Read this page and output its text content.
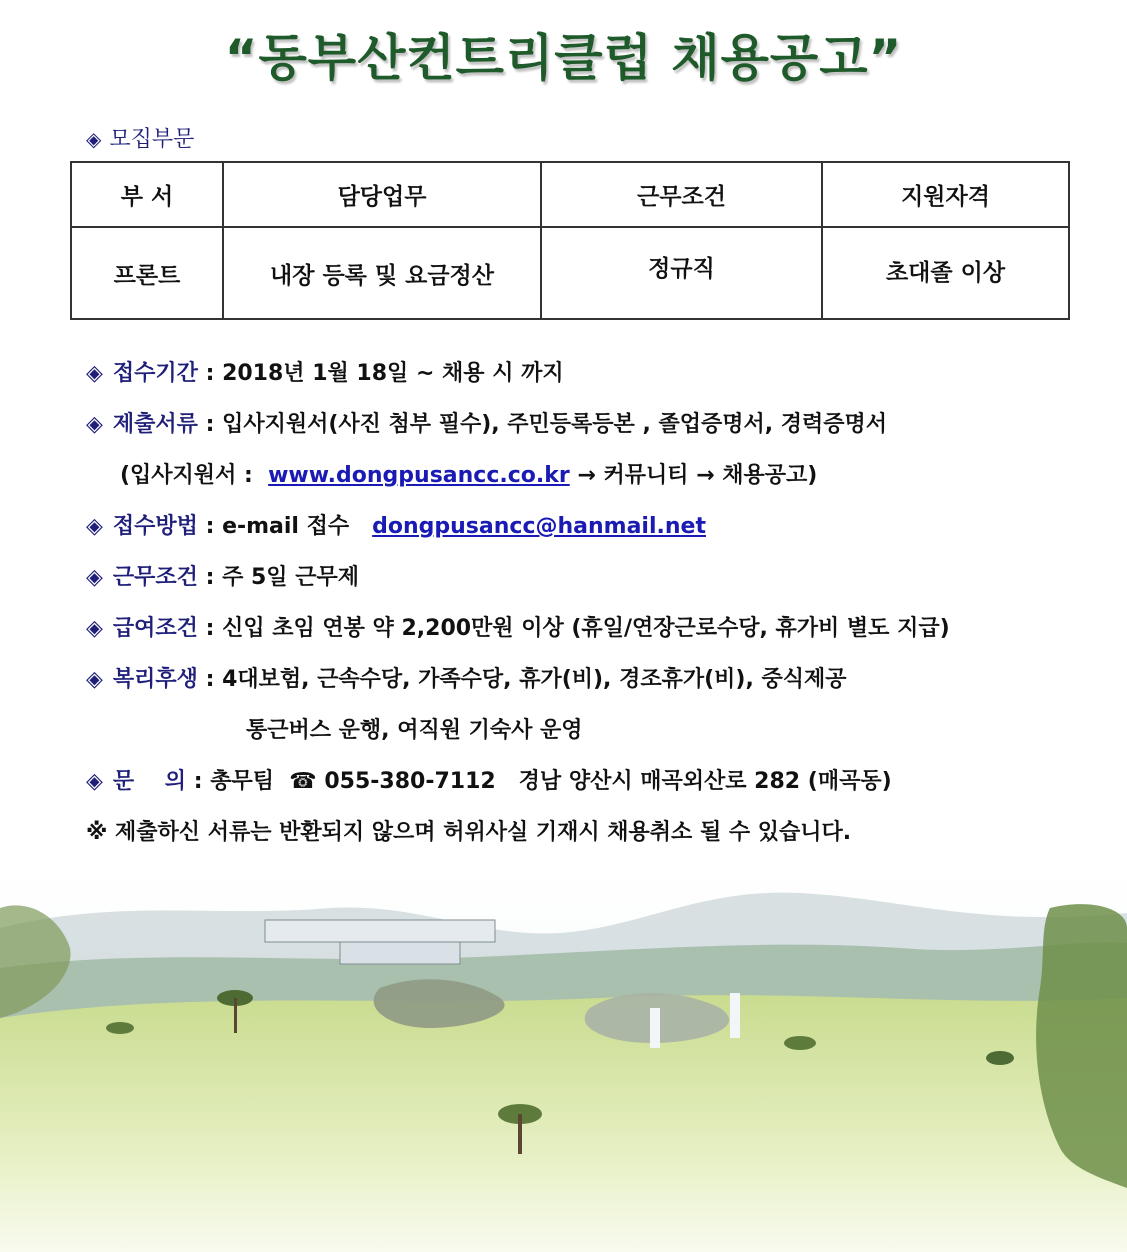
“동부산컨트리클럽 채용공고”
◈ 모집부문
부 서	담당업무	근무조건	지원자격
프론트	내장 등록 및 요금정산	정규직	초대졸 이상
◈ 접수기간 : 2018년 1월 18일 ~ 채용 시 까지
◈ 제출서류 : 입사지원서(사진 첨부 필수), 주민등록등본 , 졸업증명서, 경력증명서
(입사지원서 :  www.dongpusancc.co.kr → 커뮤니티 → 채용공고)
◈ 접수방법 : e-mail 접수   dongpusancc@hanmail.net
◈ 근무조건 : 주 5일 근무제
◈ 급여조건 : 신입 초임 연봉 약 2,200만원 이상 (휴일/연장근로수당, 휴가비 별도 지급)
◈ 복리후생 : 4대보험, 근속수당, 가족수당, 휴가(비), 경조휴가(비), 중식제공
통근버스 운행, 여직원 기숙사 운영
◈ 문    의 : 총무팀  ☎ 055-380-7112   경남 양산시 매곡외산로 282 (매곡동)
※ 제출하신 서류는 반환되지 않으며 허위사실 기재시 채용취소 될 수 있습니다.
